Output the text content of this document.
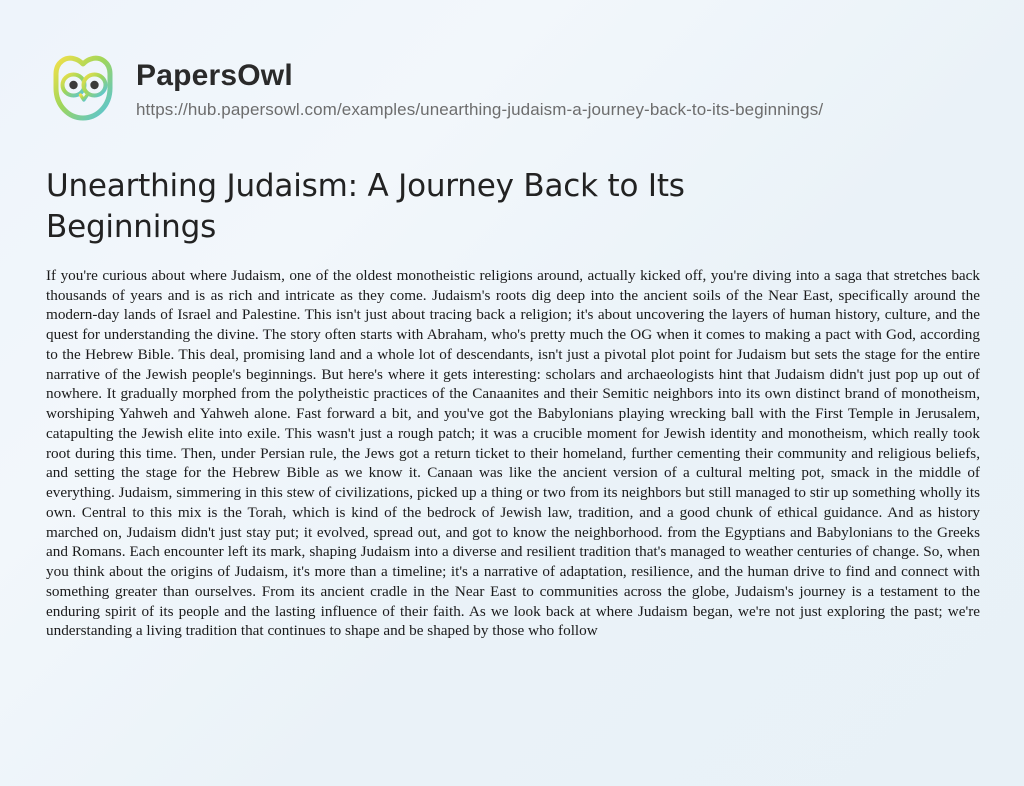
PapersOwl
https://hub.papersowl.com/examples/unearthing-judaism-a-journey-back-to-its-beginnings/
Unearthing Judaism: A Journey Back to Its Beginnings

If you're curious about where Judaism, one of the oldest monotheistic religions around, actually kicked off, you're diving into a saga that stretches back thousands of years and is as rich and intricate as they come. Judaism's roots dig deep into the ancient soils of the Near East, specifically around the modern-day lands of Israel and Palestine. This isn't just about tracing back a religion; it's about uncovering the layers of human history, culture, and the quest for understanding the divine. The story often starts with Abraham, who's pretty much the OG when it comes to making a pact with God, according to the Hebrew Bible. This deal, promising land and a whole lot of descendants, isn't just a pivotal plot point for Judaism but sets the stage for the entire narrative of the Jewish people's beginnings. But here's where it gets interesting: scholars and archaeologists hint that Judaism didn't just pop up out of nowhere. It gradually morphed from the polytheistic practices of the Canaanites and their Semitic neighbors into its own distinct brand of monotheism, worshiping Yahweh and Yahweh alone. Fast forward a bit, and you've got the Babylonians playing wrecking ball with the First Temple in Jerusalem, catapulting the Jewish elite into exile. This wasn't just a rough patch; it was a crucible moment for Jewish identity and monotheism, which really took root during this time. Then, under Persian rule, the Jews got a return ticket to their homeland, further cementing their community and religious beliefs, and setting the stage for the Hebrew Bible as we know it. Canaan was like the ancient version of a cultural melting pot, smack in the middle of everything. Judaism, simmering in this stew of civilizations, picked up a thing or two from its neighbors but still managed to stir up something wholly its own. Central to this mix is the Torah, which is kind of the bedrock of Jewish law, tradition, and a good chunk of ethical guidance. And as history marched on, Judaism didn't just stay put; it evolved, spread out, and got to know the neighborhood. from the Egyptians and Babylonians to the Greeks and Romans. Each encounter left its mark, shaping Judaism into a diverse and resilient tradition that's managed to weather centuries of change. So, when you think about the origins of Judaism, it's more than a timeline; it's a narrative of adaptation, resilience, and the human drive to find and connect with something greater than ourselves. From its ancient cradle in the Near East to communities across the globe, Judaism's journey is a testament to the enduring spirit of its people and the lasting influence of their faith. As we look back at where Judaism began, we're not just exploring the past; we're understanding a living tradition that continues to shape and be shaped by those who follow
